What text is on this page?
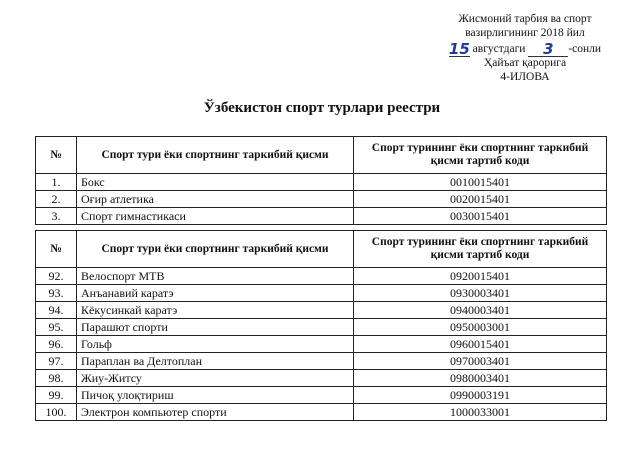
Жисмоний тарбия ва спорт
вазирлигининг 2018 йил
15 августдаги 3 -сонли
Ҳайъат қарорига
4-ИЛОВА
Ўзбекистон спорт турлари реестри
№	Спорт тури ёки спортнинг таркибий қисми	Спорт турининг ёки спортнинг таркибий қисми тартиб коди
1.	Бокс	0010015401
2.	Оғир атлетика	0020015401
3.	Спорт гимнастикаси	0030015401
№	Спорт тури ёки спортнинг таркибий қисми	Спорт турининг ёки спортнинг таркибий қисми тартиб коди
92.	Велоспорт МТВ	0920015401
93.	Анъанавий каратэ	0930003401
94.	Кёкусинкай каратэ	0940003401
95.	Парашют спорти	0950003001
96.	Гольф	0960015401
97.	Параплан ва Делтоплан	0970003401
98.	Жиу-Житсу	0980003401
99.	Пичоқ улоқтириш	0990003191
100.	Электрон компьютер спорти	1000033001
